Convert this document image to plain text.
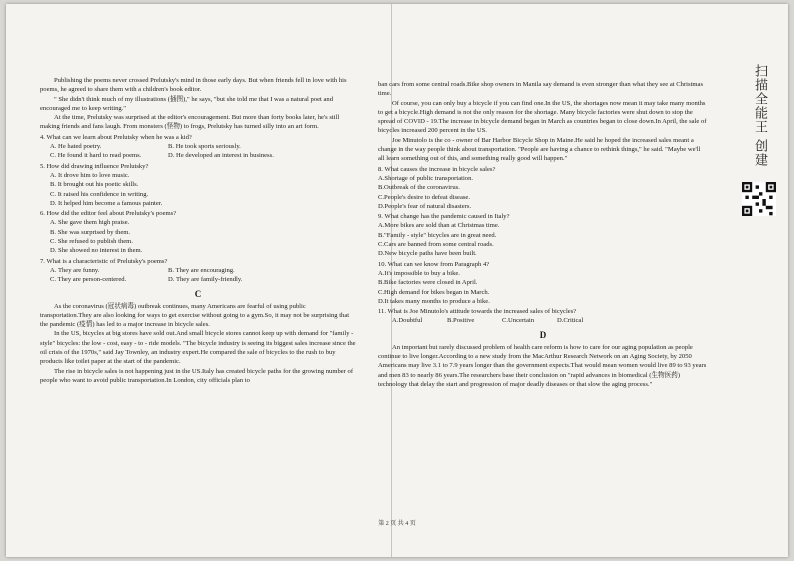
Publishing the poems never crossed Prelutsky's mind in those early days. But when friends fell in love with his poems, he agreed to share them with a children's book editor.

" She didn't think much of my illustrations (插图)," he says, "but she told me that I was a natural poet and encouraged me to keep writing."

At the time, Prelutsky was surprised at the editor's encouragement. But more than forty books later, he's still making friends and fans laugh. From monsters (怪物) to frogs, Prelutsky has turned silly into an art form.

4. What can we learn about Prelutsky when he was a kid?

A. He hated poetry.	B. He took sports seriously.
C. He found it hard to read poems.	D. He developed an interest in business.

5. How did drawing influence Prelutsky?

A. It drove him to love music.

B. It brought out his poetic skills.

C. It raised his confidence in writing.

D. It helped him become a famous painter.

6. How did the editor feel about Prelutsky's poems?

A. She gave them high praise.

B. She was surprised by them.

C. She refused to publish them.

D. She showed no interest in them.

7. What is a characteristic of Prelutsky's poems?

A. They are funny.	B. They are encouraging.
C. They are person-centered.	D. They are family-friendly.
C

As the coronavirus (冠状病毒) outbreak continues, many Americans are fearful of using public transportation.They are also looking for ways to get exercise without going to a gym.So, it may not be surprising that the pandemic (疫情) has led to a major increase in bicycle sales.

In the US, bicycles at big stores have sold out.And small bicycle stores cannot keep up with demand for "family - style" bicycles: the low - cost, easy - to - ride models. "The bicycle industry is seeing its biggest sales increase since the oil crisis of the 1970s," said Jay Townley, an industry expert.He compared the sale of bicycles to the rush to buy products like toilet paper at the start of the pandemic.

The rise in bicycle sales is not happening just in the US.Italy has created bicycle paths for the growing number of people who want to avoid public transportation.In London, city officials plan to

ban cars from some central roads.Bike shop owners in Manila say demand is even stronger than what they see at Christmas time.

Of course, you can only buy a bicycle if you can find one.In the US, the shortages now mean it may take many months to get a bicycle.High demand is not the only reason for the shortage. Many bicycle factories were shut down to stop the spread of COVID - 19.The increase in bicycle demand began in March as countries began to close down.In April, the sale of bicycles increased 200 percent in the US.

Joe Minutolo is the co - owner of Bar Harbor Bicycle Shop in Maine.He said he hoped the increased sales meant a change in the way people think about transportation. "People are having a chance to rethink things," he said. "Maybe we'll all learn something out of this, and something really good will happen."

8. What causes the increase in bicycle sales?

A.Shortage of public transportation.

B.Outbreak of the coronavirus.

C.People's desire to defeat disease.

D.People's fear of natural disasters.

9. What change has the pandemic caused in Italy?

A.More bikes are sold than at Christmas time.

B."Family - style" bicycles are in great need.

C.Cars are banned from some central roads.

D.New bicycle paths have been built.

10. What can we know from Paragraph 4?

A.It's impossible to buy a bike.

B.Bike factories were closed in April.

C.High demand for bikes began in March.

D.It takes many months to produce a bike.

11. What is Joe Minutolo's attitude towards the increased sales of bicycles?

A.Doubtful	B.Positive	C.Uncertain	D.Critical
D

An important but rarely discussed problem of health care reform is how to care for our aging population as people continue to live longer.According to a new study from the MacArthur Research Network on an Aging Society, by 2050 Americans may live 3.1 to 7.9 years longer than the government expects.That would mean women would live 89 to 93 years and men 83 to nearly 86 years.The researchers base their conclusion on "rapid advances in biomedical (生物医药) technology that delay the start and progression of major deadly diseases or that slow the aging process."

第 2 页 共 4 页
扫描全能王 创建
